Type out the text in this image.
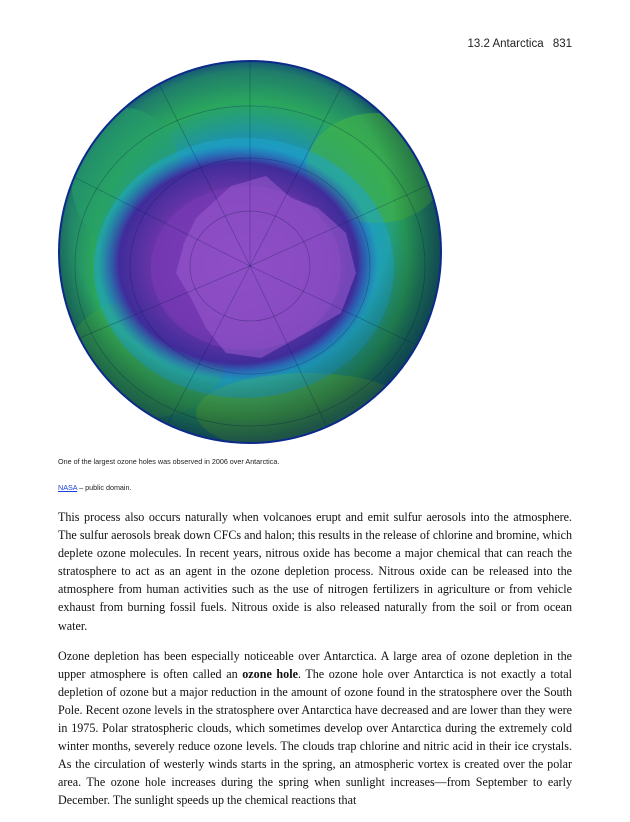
13.2 Antarctica 831
One of the largest ozone holes was observed in 2006 over Antarctica.
NASA – public domain.

This process also occurs naturally when volcanoes erupt and emit sulfur aerosols into the atmosphere. The sulfur aerosols break down CFCs and halon; this results in the release of chlorine and bromine, which deplete ozone molecules. In recent years, nitrous oxide has become a major chemical that can reach the stratosphere to act as an agent in the ozone depletion process. Nitrous oxide can be released into the atmosphere from human activities such as the use of nitrogen fertilizers in agriculture or from vehicle exhaust from burning fossil fuels. Nitrous oxide is also released naturally from the soil or from ocean water.

Ozone depletion has been especially noticeable over Antarctica. A large area of ozone depletion in the upper atmosphere is often called an ozone hole. The ozone hole over Antarctica is not exactly a total depletion of ozone but a major reduction in the amount of ozone found in the stratosphere over the South Pole. Recent ozone levels in the stratosphere over Antarctica have decreased and are lower than they were in 1975. Polar stratospheric clouds, which sometimes develop over Antarctica during the extremely cold winter months, severely reduce ozone levels. The clouds trap chlorine and nitric acid in their ice crystals. As the circulation of westerly winds starts in the spring, an atmospheric vortex is created over the polar area. The ozone hole increases during the spring when sunlight increases—from September to early December. The sunlight speeds up the chemical reactions that
